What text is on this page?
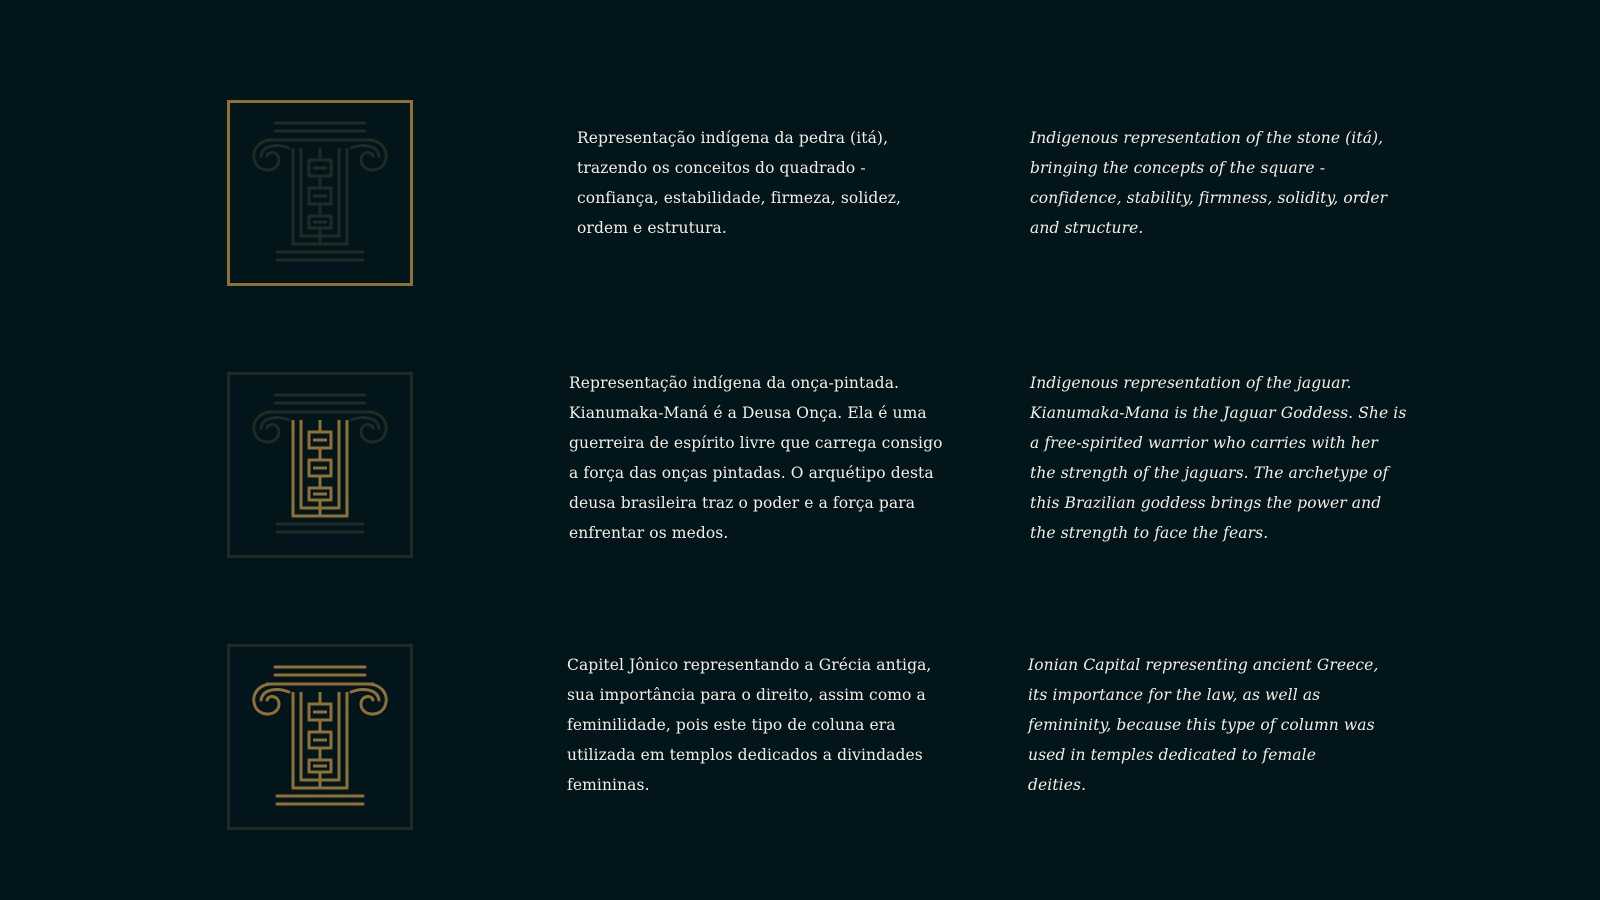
Representação indígena da pedra (itá),
trazendo os conceitos do quadrado -
confiança, estabilidade, firmeza, solidez,
ordem e estrutura.
Indigenous representation of the stone (itá),
bringing the concepts of the square -
confidence, stability, firmness, solidity, order
and structure.
Representação indígena da onça-pintada.
Kianumaka-Maná é a Deusa Onça. Ela é uma
guerreira de espírito livre que carrega consigo
a força das onças pintadas. O arquétipo desta
deusa brasileira traz o poder e a força para
enfrentar os medos.
Indigenous representation of the jaguar.
Kianumaka-Mana is the Jaguar Goddess. She is
a free-spirited warrior who carries with her
the strength of the jaguars. The archetype of
this Brazilian goddess brings the power and
the strength to face the fears.
Capitel Jônico representando a Grécia antiga,
sua importância para o direito, assim como a
feminilidade, pois este tipo de coluna era
utilizada em templos dedicados a divindades
femininas.
Ionian Capital representing ancient Greece,
its importance for the law, as well as
femininity, because this type of column was
used in temples dedicated to female
deities.
